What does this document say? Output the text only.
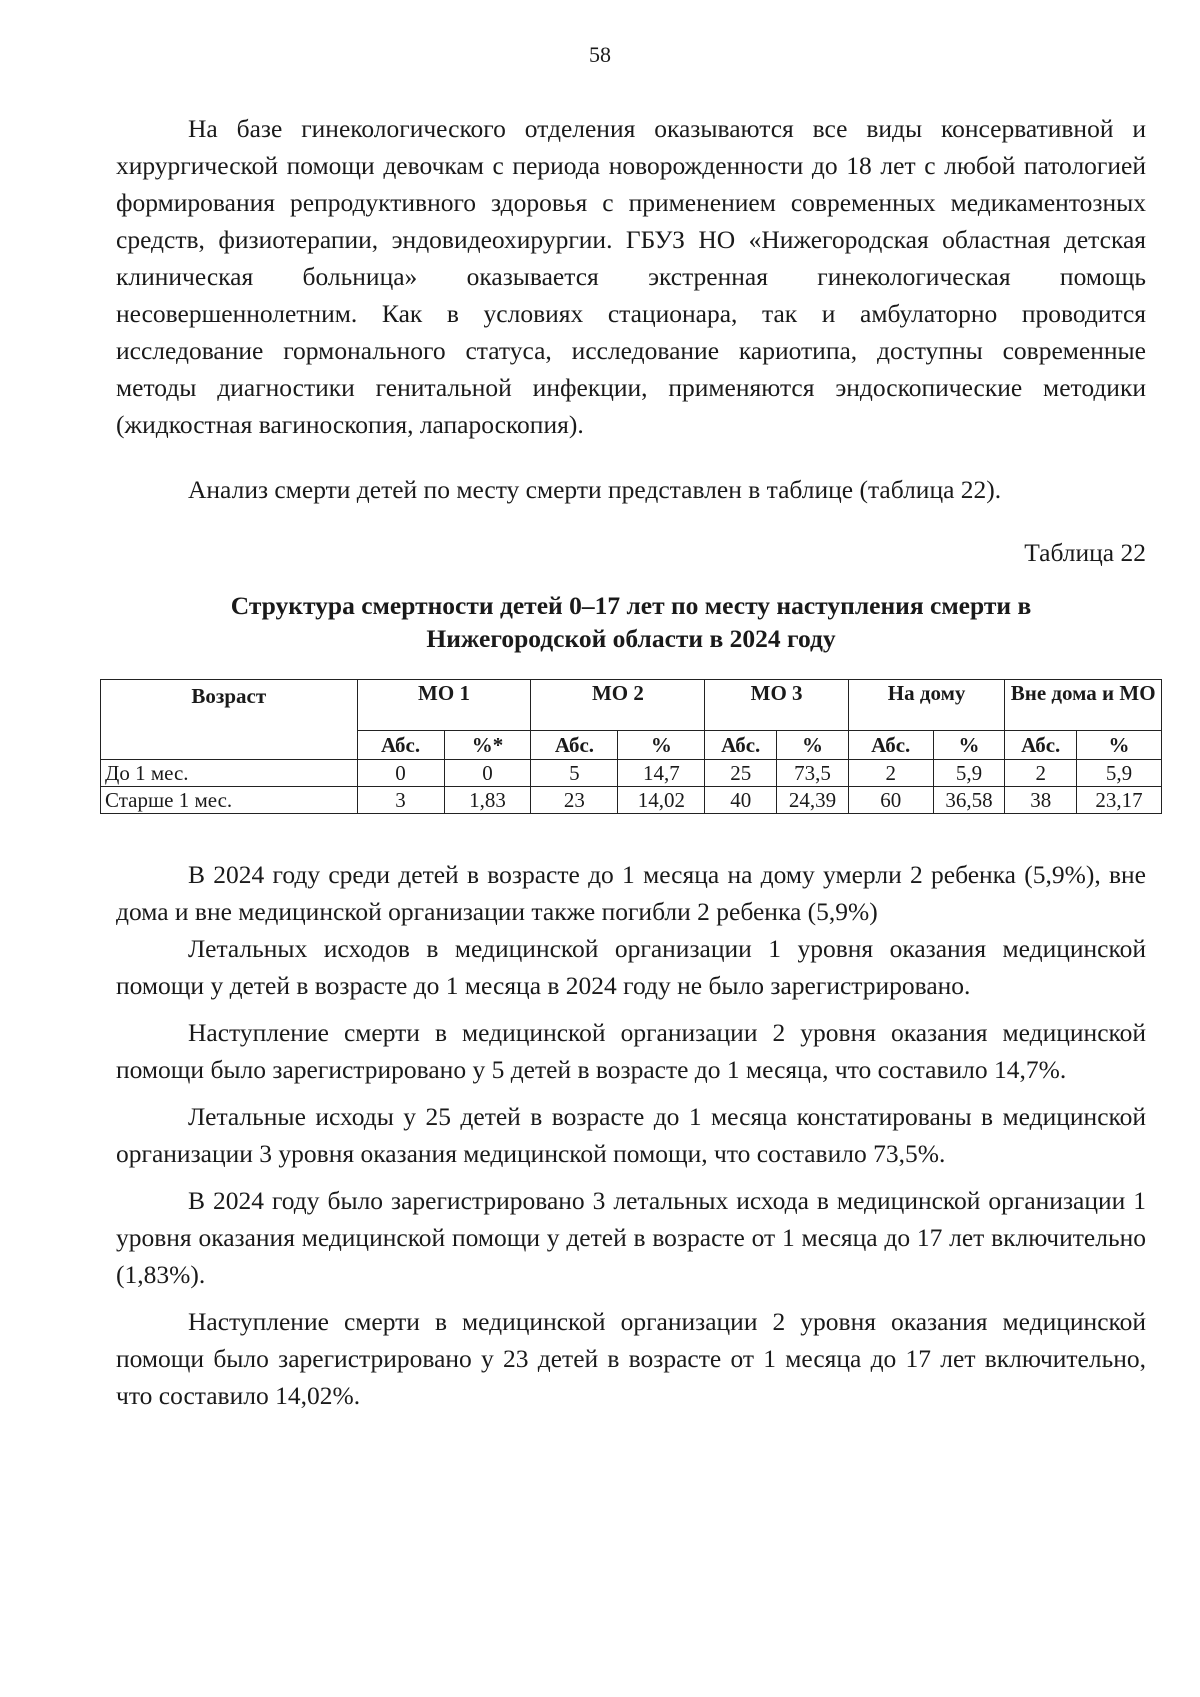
58

На базе гинекологического отделения оказываются все виды консервативной и хирургической помощи девочкам с периода новорожденности до 18 лет с любой патологией формирования репродуктивного здоровья с применением современных медикаментозных средств, физиотерапии, эндовидеохирургии. ГБУЗ НО «Нижегородская областная детская клиническая больница» оказывается экстренная гинекологическая помощь несовершеннолетним. Как в условиях стационара, так и амбулаторно проводится исследование гормонального статуса, исследование кариотипа, доступны современные методы диагностики генитальной инфекции, применяются эндоскопические методики (жидкостная вагиноскопия, лапароскопия).

Анализ смерти детей по месту смерти представлен в таблице (таблица 22).

Таблица 22

Структура смертности детей 0–17 лет по месту наступления смерти в
Нижегородской области в 2024 году

Возраст	МО 1		МО 2		МО 3		На дому		Вне дома и МО	
	Абс.	%*	Абс.	%	Абс.	%	Абс.	%	Абс.	%
До 1 мес.	0	0	5	14,7	25	73,5	2	5,9	2	5,9
Старше 1 мес.	3	1,83	23	14,02	40	24,39	60	36,58	38	23,17

В 2024 году среди детей в возрасте до 1 месяца на дому умерли 2 ребенка (5,9%), вне дома и вне медицинской организации также погибли 2 ребенка (5,9%)

Летальных исходов в медицинской организации 1 уровня оказания медицинской помощи у детей в возрасте до 1 месяца в 2024 году не было зарегистрировано.

Наступление смерти в медицинской организации 2 уровня оказания медицинской помощи было зарегистрировано у 5 детей в возрасте до 1 месяца, что составило 14,7%.

Летальные исходы у 25 детей в возрасте до 1 месяца констатированы в медицинской организации 3 уровня оказания медицинской помощи, что составило 73,5%.

В 2024 году было зарегистрировано 3 летальных исхода в медицинской организации 1 уровня оказания медицинской помощи у детей в возрасте от 1 месяца до 17 лет включительно (1,83%).

Наступление смерти в медицинской организации 2 уровня оказания медицинской помощи было зарегистрировано у 23 детей в возрасте от 1 месяца до 17 лет включительно, что составило 14,02%.
